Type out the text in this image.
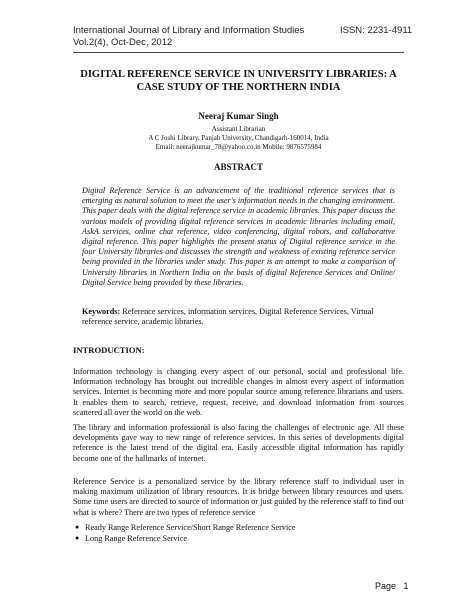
International Journal of Library and Information Studies
Vol.2(4), Oct-Dec, 2012
ISSN: 2231-4911
DIGITAL REFERENCE SERVICE IN UNIVERSITY LIBRARIES: A CASE STUDY OF THE NORTHERN INDIA
Neeraj Kumar Singh
Assistant Librarian
A C Joshi Library, Panjab University, Chandigarh-160014, India
Email: neerajkumar_78@yahoo.co.in Mobile: 9876575984
ABSTRACT
Digital Reference Service is an advancement of the traditional reference services that is emerging as natural solution to meet the user's information needs in the changing environment. This paper deals with the digital reference service in academic libraries. This paper discuss the various models of providing digital reference services in academic libraries including email, AskA services, online chat reference, video conferencing, digital robots, and collaborative digital reference. This paper highlights the present status of Digital reference service in the four University libraries and discusses the strength and weakness of existing reference service being provided in the libraries under study. This paper is an attempt to make a comparison of University libraries in Northern India on the basis of digital Reference Services and Online/ Digital Service being provided by these libraries.
Keywords: Reference services, information services, Digital Reference Services, Virtual reference service, academic libraries.
INTRODUCTION:
Information technology is changing every aspect of our personal, social and professional life. Information technology has brought out incredible changes in almost every aspect of information services. Internet is becoming more and more popular source among reference librarians and users. It enables them to search, retrieve, request, receive, and download information from sources scattered all over the world on the web.
The library and information professional is also facing the challenges of electronic age. All these developments gave way to new range of reference services. In this series of developments digital reference is the latest trend of the digital era. Easily accessible digital information has rapidly become one of the hallmarks of internet.
Reference Service is a personalized service by the library reference staff to individual user in making maximum utilization of library resources. It is bridge between library resources and users. Some time users are directed to source of information or just guided by the reference staff to find out what is where? There are two types of reference service
● Ready Range Reference Service/Short Range Reference Service
● Long Range Reference Service
Page 1
